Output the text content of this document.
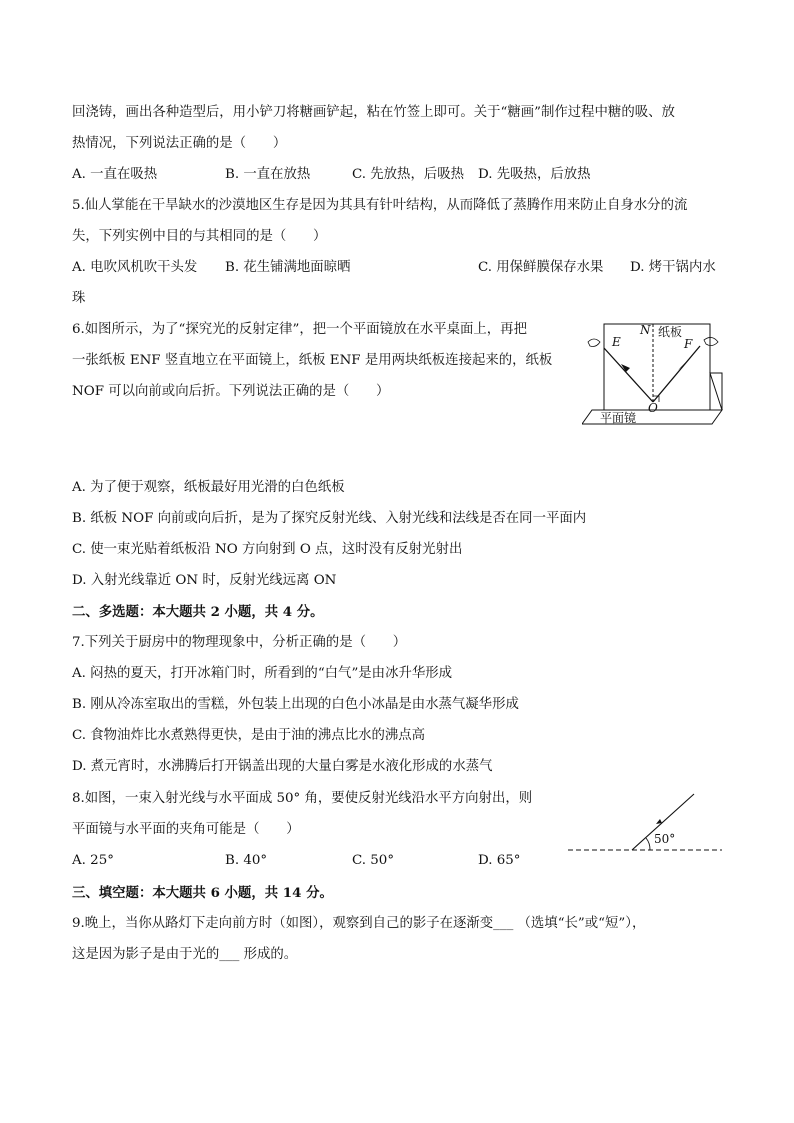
回浇铸，画出各种造型后，用小铲刀将糖画铲起，粘在竹签上即可。关于“糖画”制作过程中糖的吸、放
热情况，下列说法正确的是（　　）
A. 一直在吸热	B. 一直在放热	C. 先放热，后吸热 D. 先吸热，后放热
5.仙人掌能在干旱缺水的沙漠地区生存是因为其具有针叶结构，从而降低了蒸腾作用来防止自身水分的流
失，下列实例中目的与其相同的是（　　）
A. 电吹风机吹干头发 B. 花生铺满地面晾晒	C. 用保鲜膜保存水果 D. 烤干锅内水
珠
6.如图所示，为了“探究光的反射定律”，把一个平面镜放在水平桌面上，再把
一张纸板 ENF 竖直地立在平面镜上，纸板 ENF 是用两块纸板连接起来的，纸板
NOF 可以向前或向后折。下列说法正确的是（　　）
E
N 纸板
F
O
平面镜
A. 为了便于观察，纸板最好用光滑的白色纸板
B. 纸板 NOF 向前或向后折，是为了探究反射光线、入射光线和法线是否在同一平面内
C. 使一束光贴着纸板沿 NO 方向射到 O 点，这时没有反射光射出
D. 入射光线靠近 ON 时，反射光线远离 ON
二、多选题：本大题共 2 小题，共 4 分。
7.下列关于厨房中的物理现象中，分析正确的是（　　）
A. 闷热的夏天，打开冰箱门时，所看到的“白气”是由冰升华形成
B. 刚从冷冻室取出的雪糕，外包装上出现的白色小冰晶是由水蒸气凝华形成
C. 食物油炸比水煮熟得更快，是由于油的沸点比水的沸点高
D. 煮元宵时，水沸腾后打开锅盖出现的大量白雾是水液化形成的水蒸气
8.如图，一束入射光线与水平面成 50° 角，要使反射光线沿水平方向射出，则
平面镜与水平面的夹角可能是（　　）
A. 25°	B. 40°	C. 50°	D. 65°
50°
三、填空题：本大题共 6 小题，共 14 分。
9.晚上，当你从路灯下走向前方时（如图），观察到自己的影子在逐渐变___ （选填“长”或“短”），
这是因为影子是由于光的___ 形成的。
